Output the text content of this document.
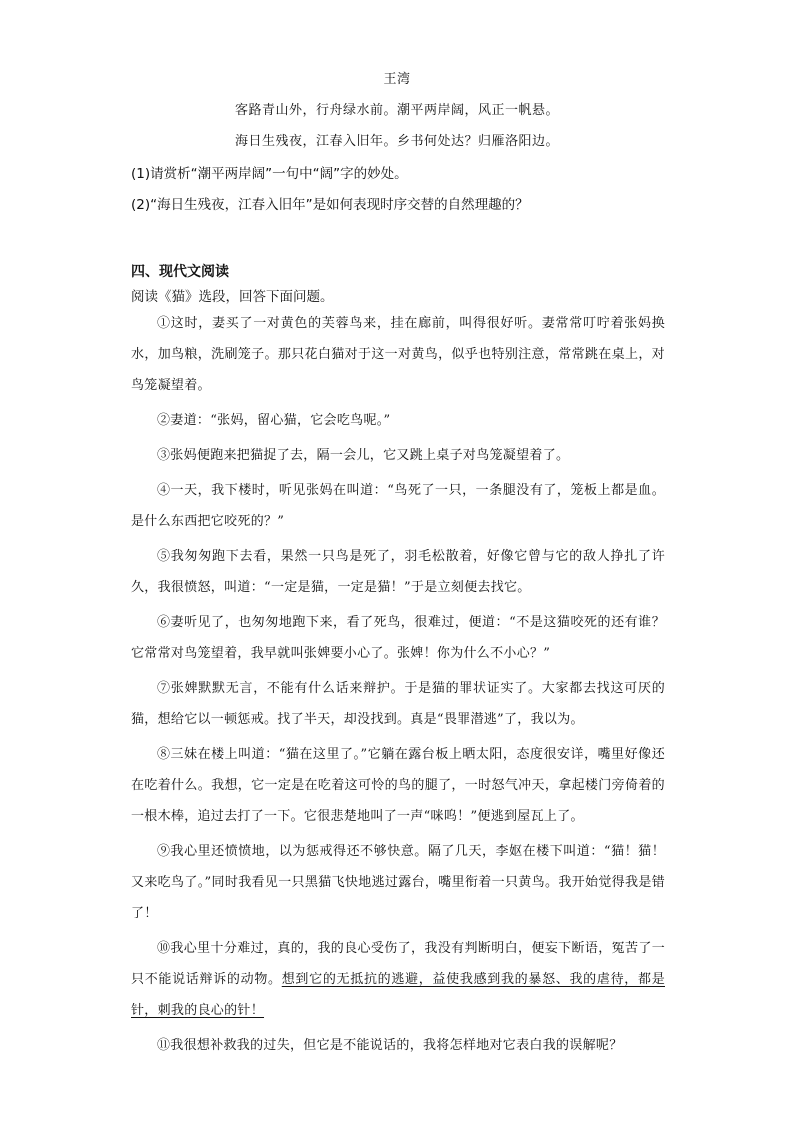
王湾
客路青山外，行舟绿水前。潮平两岸阔，风正一帆悬。
海日生残夜，江春入旧年。乡书何处达？归雁洛阳边。
(1)请赏析“潮平两岸阔”一句中“阔”字的妙处。
(2)“海日生残夜，江春入旧年”是如何表现时序交替的自然理趣的？
四、现代文阅读
阅读《猫》选段，回答下面问题。

①这时，妻买了一对黄色的芙蓉鸟来，挂在廊前，叫得很好听。妻常常叮咛着张妈换水，加鸟粮，洗刷笼子。那只花白猫对于这一对黄鸟，似乎也特别注意，常常跳在桌上，对鸟笼凝望着。

②妻道：“张妈，留心猫，它会吃鸟呢。”

③张妈便跑来把猫捉了去，隔一会儿，它又跳上桌子对鸟笼凝望着了。

④一天，我下楼时，听见张妈在叫道：“鸟死了一只，一条腿没有了，笼板上都是血。是什么东西把它咬死的？”

⑤我匆匆跑下去看，果然一只鸟是死了，羽毛松散着，好像它曾与它的敌人挣扎了许久，我很愤怒，叫道：“一定是猫，一定是猫！”于是立刻便去找它。

⑥妻听见了，也匆匆地跑下来，看了死鸟，很难过，便道：“不是这猫咬死的还有谁？它常常对鸟笼望着，我早就叫张婢要小心了。张婢！你为什么不小心？”

⑦张婢默默无言，不能有什么话来辩护。于是猫的罪状证实了。大家都去找这可厌的猫，想给它以一顿惩戒。找了半天，却没找到。真是“畏罪潜逃”了，我以为。

⑧三妹在楼上叫道：“猫在这里了。”它躺在露台板上晒太阳，态度很安详，嘴里好像还在吃着什么。我想，它一定是在吃着这可怜的鸟的腿了，一时怒气冲天，拿起楼门旁倚着的一根木棒，追过去打了一下。它很悲楚地叫了一声“咪呜！”便逃到屋瓦上了。

⑨我心里还愤愤地，以为惩戒得还不够快意。隔了几天，李妪在楼下叫道：“猫！猫！又来吃鸟了。”同时我看见一只黑猫飞快地逃过露台，嘴里衔着一只黄鸟。我开始觉得我是错了！

⑩我心里十分难过，真的，我的良心受伤了，我没有判断明白，便妄下断语，冤苦了一只不能说话辩诉的动物。想到它的无抵抗的逃避，益使我感到我的暴怒、我的虐待，都是针，刺我的良心的针！

⑪我很想补救我的过失，但它是不能说话的，我将怎样地对它表白我的误解呢？
